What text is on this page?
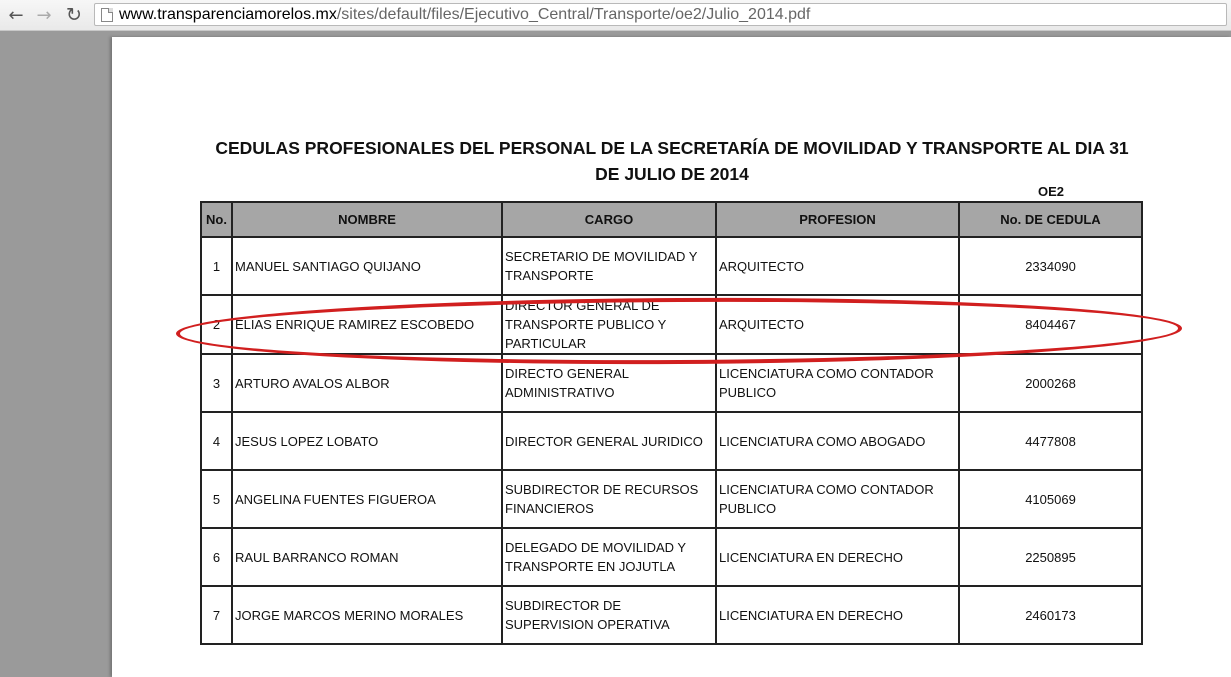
← → ↻ www.transparenciamorelos.mx/sites/default/files/Ejecutivo_Central/Transporte/oe2/Julio_2014.pdf
CEDULAS PROFESIONALES DEL PERSONAL DE LA SECRETARÍA DE MOVILIDAD Y TRANSPORTE AL DIA 31 DE JULIO DE 2014
OE2
No.	NOMBRE	CARGO	PROFESION	No. DE CEDULA
1	MANUEL SANTIAGO QUIJANO	SECRETARIO DE MOVILIDAD Y TRANSPORTE	ARQUITECTO	2334090
2	ELIAS ENRIQUE RAMIREZ ESCOBEDO	DIRECTOR GENERAL DE TRANSPORTE PUBLICO Y PARTICULAR	ARQUITECTO	8404467
3	ARTURO AVALOS ALBOR	DIRECTO GENERAL ADMINISTRATIVO	LICENCIATURA COMO CONTADOR PUBLICO	2000268
4	JESUS LOPEZ LOBATO	DIRECTOR GENERAL JURIDICO	LICENCIATURA COMO ABOGADO	4477808
5	ANGELINA FUENTES FIGUEROA	SUBDIRECTOR DE RECURSOS FINANCIEROS	LICENCIATURA COMO CONTADOR PUBLICO	4105069
6	RAUL BARRANCO ROMAN	DELEGADO DE MOVILIDAD Y TRANSPORTE EN JOJUTLA	LICENCIATURA EN DERECHO	2250895
7	JORGE MARCOS MERINO MORALES	SUBDIRECTOR DE SUPERVISION OPERATIVA	LICENCIATURA EN DERECHO	2460173
